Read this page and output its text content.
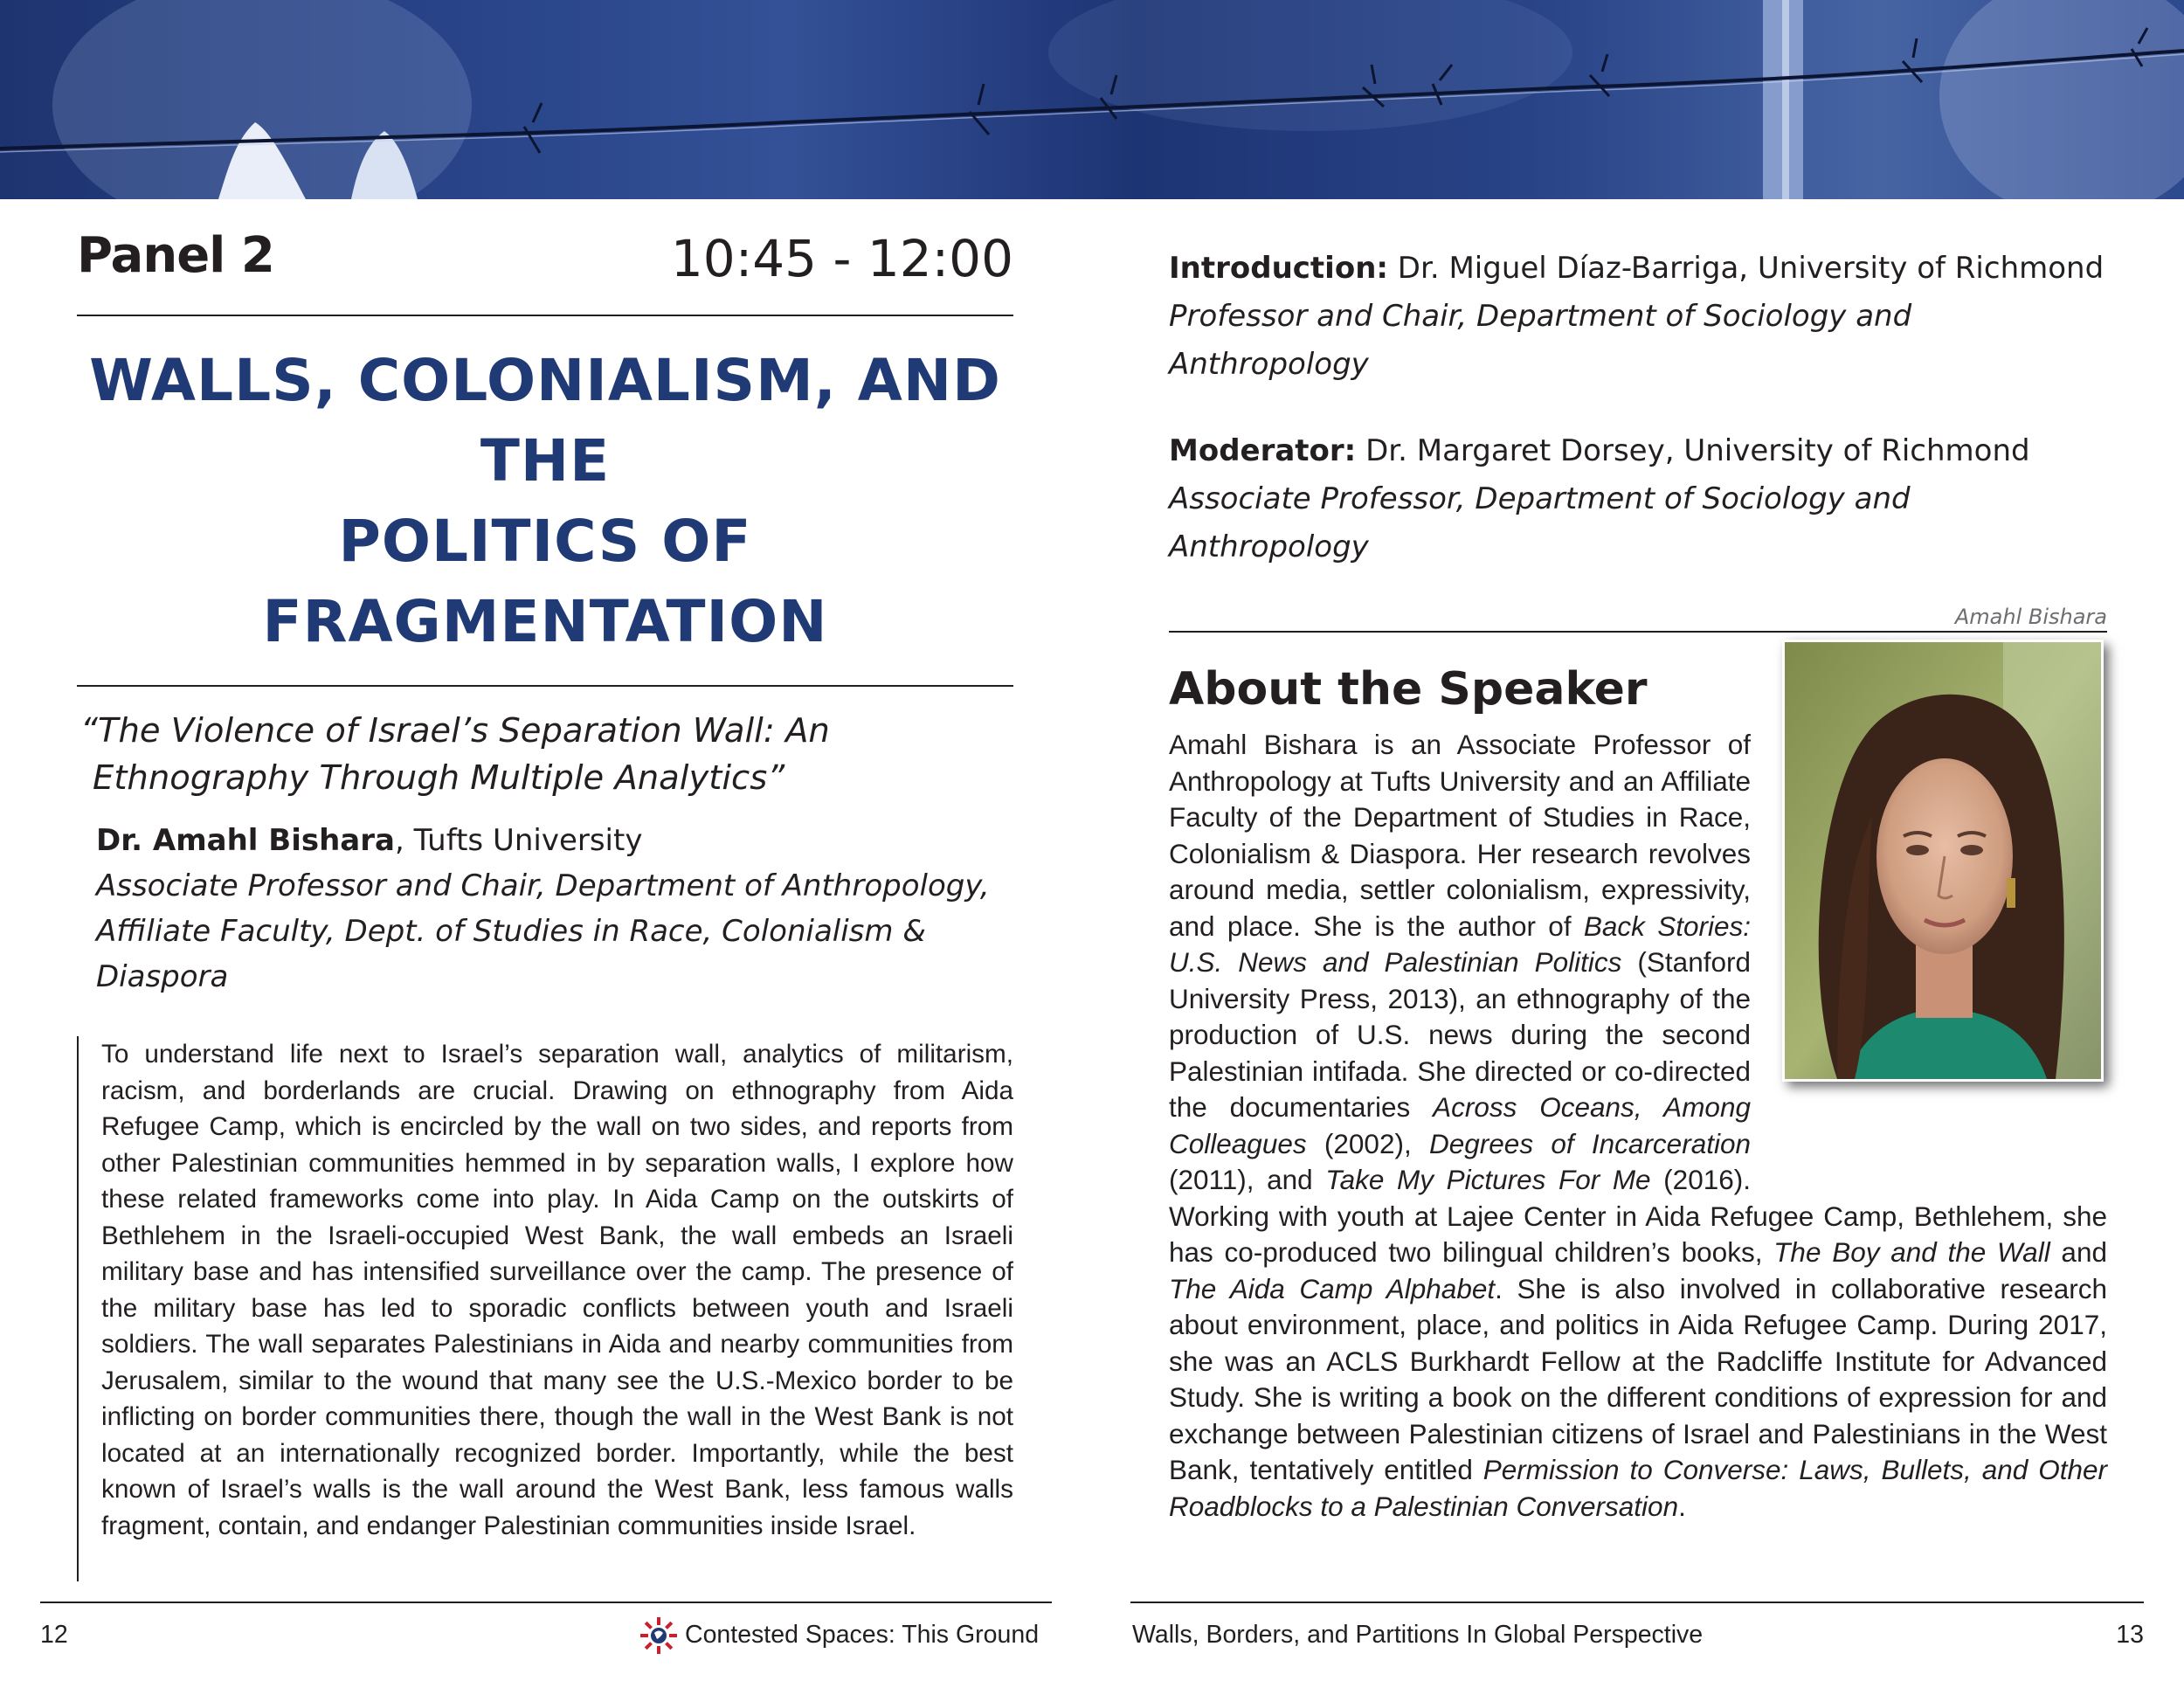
Panel 2	10:45 - 12:00
WALLS, COLONIALISM, AND THE
POLITICS OF FRAGMENTATION
“The Violence of Israel’s Separation Wall: An Ethnography Through Multiple Analytics”
Dr. Amahl Bishara, Tufts University
Associate Professor and Chair, Department of Anthropology,
Affiliate Faculty, Dept. of Studies in Race, Colonialism & Diaspora
To understand life next to Israel’s separation wall, analytics of militarism, racism, and borderlands are crucial. Drawing on ethnography from Aida Refugee Camp, which is encircled by the wall on two sides, and reports from other Palestinian communities hemmed in by separation walls, I explore how these related frameworks come into play. In Aida Camp on the outskirts of Bethlehem in the Israeli-occupied West Bank, the wall embeds an Israeli military base and has intensified surveillance over the camp. The presence of the military base has led to sporadic conflicts between youth and Israeli soldiers. The wall separates Palestinians in Aida and nearby communities from Jerusalem, similar to the wound that many see the U.S.-Mexico border to be inflicting on border communities there, though the wall in the West Bank is not located at an internationally recognized border. Importantly, while the best known of Israel’s walls is the wall around the West Bank, less famous walls fragment, contain, and endanger Palestinian communities inside Israel.
Introduction: Dr. Miguel Díaz-Barriga, University of Richmond
Professor and Chair, Department of Sociology and Anthropology
Moderator: Dr. Margaret Dorsey, University of Richmond
Associate Professor, Department of Sociology and Anthropology
About the Speaker
Amahl Bishara
Amahl Bishara is an Associate Professor of Anthropology at Tufts University and an Affiliate Faculty of the Department of Studies in Race, Colonialism & Diaspora. Her research revolves around media, settler colonialism, expressivity, and place. She is the author of Back Stories: U.S. News and Palestinian Politics (Stanford University Press, 2013), an ethnography of the production of U.S. news during the second Palestinian intifada. She directed or co-directed the documentaries Across Oceans, Among Colleagues (2002), Degrees of Incarceration (2011), and Take My Pictures For Me (2016). Working with youth at Lajee Center in Aida Refugee Camp, Bethlehem, she has co-produced two bilingual children’s books, The Boy and the Wall and The Aida Camp Alphabet. She is also involved in collaborative research about environment, place, and politics in Aida Refugee Camp. During 2017, she was an ACLS Burkhardt Fellow at the Radcliffe Institute for Advanced Study. She is writing a book on the different conditions of expression for and exchange between Palestinian citizens of Israel and Palestinians in the West Bank, tentatively entitled Permission to Converse: Laws, Bullets, and Other Roadblocks to a Palestinian Conversation.
12	Contested Spaces: This Ground	Walls, Borders, and Partitions In Global Perspective	13
